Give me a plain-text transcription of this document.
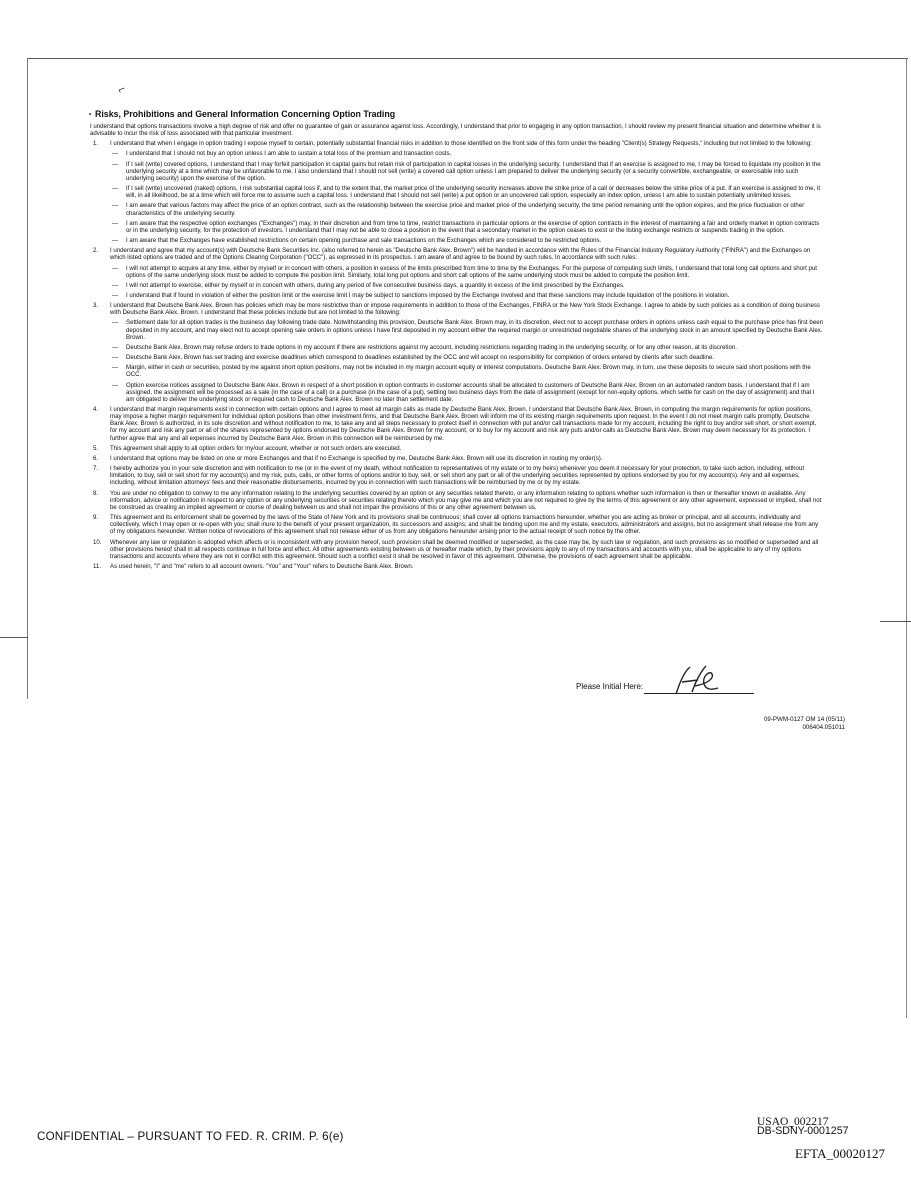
⌐
• Risks, Prohibitions and General Information Concerning Option Trading

I understand that options transactions involve a high degree of risk and offer no guarantee of gain or assurance against loss. Accordingly, I understand that prior to engaging in any option transaction, I should review my present financial situation and determine whether it is advisable to incur the risk of loss associated with that particular investment.

1. I understand that when I engage in option trading I expose myself to certain, potentially substantial financial risks in addition to those identified on the front side of this form under the heading "Client(s) Strategy Requests," including but not limited to the following:

— I understand that I should not buy an option unless I am able to sustain a total loss of the premium and transaction costs.

— If I sell (write) covered options, I understand that I may forfeit participation in capital gains but retain risk of participation in capital losses in the underlying security. I understand that if an exercise is assigned to me, I may be forced to liquidate my position in the underlying security at a time which may be unfavorable to me. I also understand that I should not sell (write) a covered call option unless I am prepared to deliver the underlying security (or a security convertible, exchangeable, or exercisable into such underlying security) upon the exercise of the option.

— If I sell (write) uncovered (naked) options, I risk substantial capital loss if, and to the extent that, the market price of the underlying security increases above the strike price of a call or decreases below the strike price of a put. If an exercise is assigned to me, it will, in all likelihood, be at a time which will force me to assume such a capital loss. I understand that I should not sell (write) a put option or an uncovered call option, especially an index option, unless I am able to sustain potentially unlimited losses.

— I am aware that various factors may affect the price of an option contract, such as the relationship between the exercise price and market price of the underlying security, the time period remaining until the option expires, and the price fluctuation or other characteristics of the underlying security.

— I am aware that the respective option exchanges ("Exchanges") may, in their discretion and from time to time, restrict transactions in particular options or the exercise of option contracts in the interest of maintaining a fair and orderly market in option contracts or in the underlying security, for the protection of investors. I understand that I may not be able to close a position in the event that a secondary market in the option ceases to exist or the listing exchange restricts or suspends trading in the option.

— I am aware that the Exchanges have established restrictions on certain opening purchase and sale transactions on the Exchanges which are considered to be restricted options.

2. I understand and agree that my account(s) with Deutsche Bank Securities Inc. (also referred to herein as "Deutsche Bank Alex. Brown") will be handled in accordance with the Rules of the Financial Industry Regulatory Authority ("FINRA") and the Exchanges on which listed options are traded and of the Options Clearing Corporation ("OCC"), as expressed in its prospectus. I am aware of and agree to be bound by such rules. In accordance with such rules:

— I will not attempt to acquire at any time, either by myself or in concert with others, a position in excess of the limits prescribed from time to time by the Exchanges. For the purpose of computing such limits, I understand that total long call options and short put options of the same underlying stock must be added to compute the position limit. Similarly, total long put options and short call options of the same underlying stock must be added to compute the position limit.

— I will not attempt to exercise, either by myself or in concert with others, during any period of five consecutive business days, a quantity in excess of the limit prescribed by the Exchanges.

— I understand that if found in violation of either the position limit or the exercise limit I may be subject to sanctions imposed by the Exchange involved and that these sanctions may include liquidation of the positions in violation.

3. I understand that Deutsche Bank Alex. Brown has policies which may be more restrictive than or impose requirements in addition to those of the Exchanges, FINRA or the New York Stock Exchange. I agree to abide by such policies as a condition of doing business with Deutsche Bank Alex. Brown. I understand that these policies include but are not limited to the following:

— Settlement date for all option trades is the business day following trade date. Notwithstanding this provision, Deutsche Bank Alex. Brown may, in its discretion, elect not to accept purchase orders in options unless cash equal to the purchase price has first been deposited in my account, and may elect not to accept opening sale orders in options unless I have first deposited in my account either the required margin or unrestricted negotiable shares of the underlying stock in an amount specified by Deutsche Bank Alex. Brown.

— Deutsche Bank Alex. Brown may refuse orders to trade options in my account if there are restrictions against my account, including restrictions regarding trading in the underlying security, or for any other reason, at its discretion.

— Deutsche Bank Alex. Brown has set trading and exercise deadlines which correspond to deadlines established by the OCC and will accept no responsibility for completion of orders entered by clients after such deadline.

— Margin, either in cash or securities, posted by me against short option positions, may not be included in my margin account equity or interest computations. Deutsche Bank Alex. Brown may, in turn, use these deposits to secure said short positions with the OCC.

— Option exercise notices assigned to Deutsche Bank Alex. Brown in respect of a short position in option contracts in customer accounts shall be allocated to customers of Deutsche Bank Alex. Brown on an automated random basis. I understand that if I am assigned, the assignment will be processed as a sale (in the case of a call) or a purchase (in the case of a put), settling two business days from the date of assignment (except for non-equity options, which settle for cash on the day of assignment) and that I am obligated to deliver the underlying stock or required cash to Deutsche Bank Alex. Brown no later than settlement date.

4. I understand that margin requirements exist in connection with certain options and I agree to meet all margin calls as made by Deutsche Bank Alex. Brown. I understand that Deutsche Bank Alex. Brown, in computing the margin requirements for option positions, may impose a higher margin requirement for individual option positions than other investment firms, and that Deutsche Bank Alex. Brown will inform me of its existing margin requirements upon request. In the event I do not meet margin calls promptly, Deutsche Bank Alex. Brown is authorized, in its sole discretion and without notification to me, to take any and all steps necessary to protect itself in connection with put and/or call transactions made for my account, including the right to buy and/or sell short, or short exempt, for my account and risk any part or all of the shares represented by options endorsed by Deutsche Bank Alex. Brown for my account, or to buy for my account and risk any puts and/or calls as Deutsche Bank Alex. Brown may deem necessary for its protection. I further agree that any and all expenses incurred by Deutsche Bank Alex. Brown in this connection will be reimbursed by me.

5. This agreement shall apply to all option orders for my/our account, whether or not such orders are executed.

6. I understand that options may be listed on one or more Exchanges and that if no Exchange is specified by me, Deutsche Bank Alex. Brown will use its discretion in routing my order(s).

7. I hereby authorize you in your sole discretion and with notification to me (or in the event of my death, without notification to representatives of my estate or to my heirs) whenever you deem it necessary for your protection, to take such action, including, without limitation, to buy, sell or sell short for my account(s) and my risk, puts, calls, or other forms of options and/or to buy, sell, or sell short any part or all of the underlying securities represented by options endorsed by you for my account(s). Any and all expenses, including, without limitation attorneys' fees and their reasonable disbursements, incurred by you in connection with such transactions will be reimbursed by me or by my estate.

8. You are under no obligation to convey to me any information relating to the underlying securities covered by an option or any securities related thereto, or any information relating to options whether such information is then or thereafter known or available. Any information, advice or notification in respect to any option or any underlying securities or securities relating thereto which you may give me and which you are not required to give by the terms of this agreement or any other agreement, expressed or implied, shall not be construed as creating an implied agreement or course of dealing between us and shall not impair the provisions of this or any other agreement between us.

9. This agreement and its enforcement shall be governed by the laws of the State of New York and its provisions shall be continuous; shall cover all options transactions hereunder, whether you are acting as broker or principal, and all accounts, individually and collectively, which I may open or re-open with you; shall inure to the benefit of your present organization, its successors and assigns; and shall be binding upon me and my estate, executors, administrators and assigns, but no assignment shall release me from any of my obligations hereunder. Written notice of revocations of this agreement shall not release either of us from any obligations hereunder arising prior to the actual receipt of such notice by the other.

10. Whenever any law or regulation is adopted which affects or is inconsistent with any provision hereof, such provision shall be deemed modified or superseded, as the case may be, by such law or regulation, and such provisions as so modified or superseded and all other provisions hereof shall in all respects continue in full force and effect. All other agreements existing between us or hereafter made which, by their provisions apply to any of my transactions and accounts with you, shall be applicable to any of my options transactions and accounts where they are not in conflict with this agreement. Should such a conflict exist it shall be resolved in favor of this agreement. Otherwise, the provisions of each agreement shall be applicable.

11. As used herein, "I" and "me" refers to all account owners. "You" and "Your" refers to Deutsche Bank Alex. Brown.

Please Initial Here:
09-PWM-0127 OM 14 (05/11)
006404.051011
CONFIDENTIAL – PURSUANT TO FED. R. CRIM. P. 6(e)
USAO_002217
DB-SDNY-0001257
EFTA_00020127
